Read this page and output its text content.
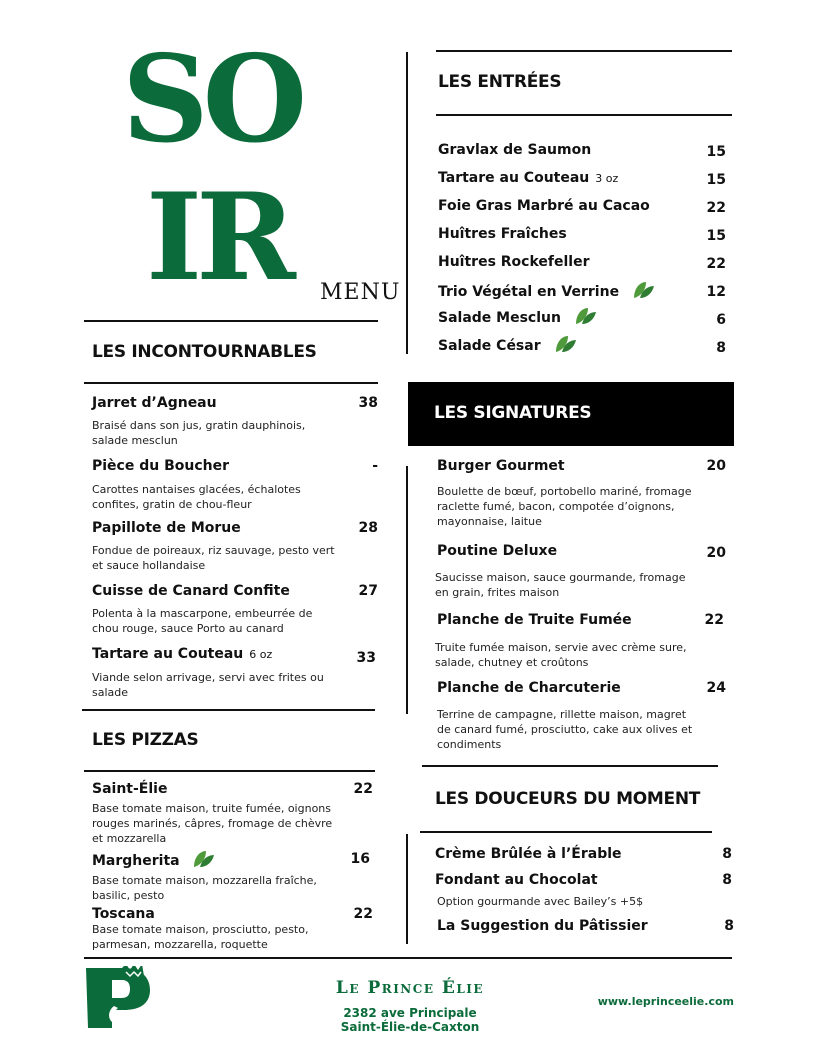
SO
IR MENU
LES ENTRÉES
Gravlax de Saumon	15
Tartare au Couteau 3 oz	15
Foie Gras Marbré au Cacao	22
Huîtres Fraîches	15
Huîtres Rockefeller	22
Trio Végétal en Verrine	12
Salade Mesclun	6
Salade César	8
LES INCONTOURNABLES
Jarret d’Agneau	38
Braisé dans son jus, gratin dauphinois, salade mesclun
Pièce du Boucher	-
Carottes nantaises glacées, échalotes confites, gratin de chou-fleur
Papillote de Morue	28
Fondue de poireaux, riz sauvage, pesto vert et sauce hollandaise
Cuisse de Canard Confite	27
Polenta à la mascarpone, embeurrée de chou rouge, sauce Porto au canard
Tartare au Couteau 6 oz	33
Viande selon arrivage, servi avec frites ou salade
LES SIGNATURES
Burger Gourmet	20
Boulette de bœuf, portobello mariné, fromage raclette fumé, bacon, compotée d’oignons, mayonnaise, laitue
Poutine Deluxe	20
Saucisse maison, sauce gourmande, fromage en grain, frites maison
Planche de Truite Fumée	22
Truite fumée maison, servie avec crème sure, salade, chutney et croûtons
Planche de Charcuterie	24
Terrine de campagne, rillette maison, magret de canard fumé, prosciutto, cake aux olives et condiments
LES PIZZAS
Saint-Élie	22
Base tomate maison, truite fumée, oignons rouges marinés, câpres, fromage de chèvre et mozzarella
Margherita	16
Base tomate maison, mozzarella fraîche, basilic, pesto
Toscana	22
Base tomate maison, prosciutto, pesto, parmesan, mozzarella, roquette
LES DOUCEURS DU MOMENT
Crème Brûlée à l’Érable	8
Fondant au Chocolat	8
Option gourmande avec Bailey’s +5$
La Suggestion du Pâtissier	8
Le Prince Élie
2382 ave Principale
Saint-Élie-de-Caxton
www.leprinceelie.com
